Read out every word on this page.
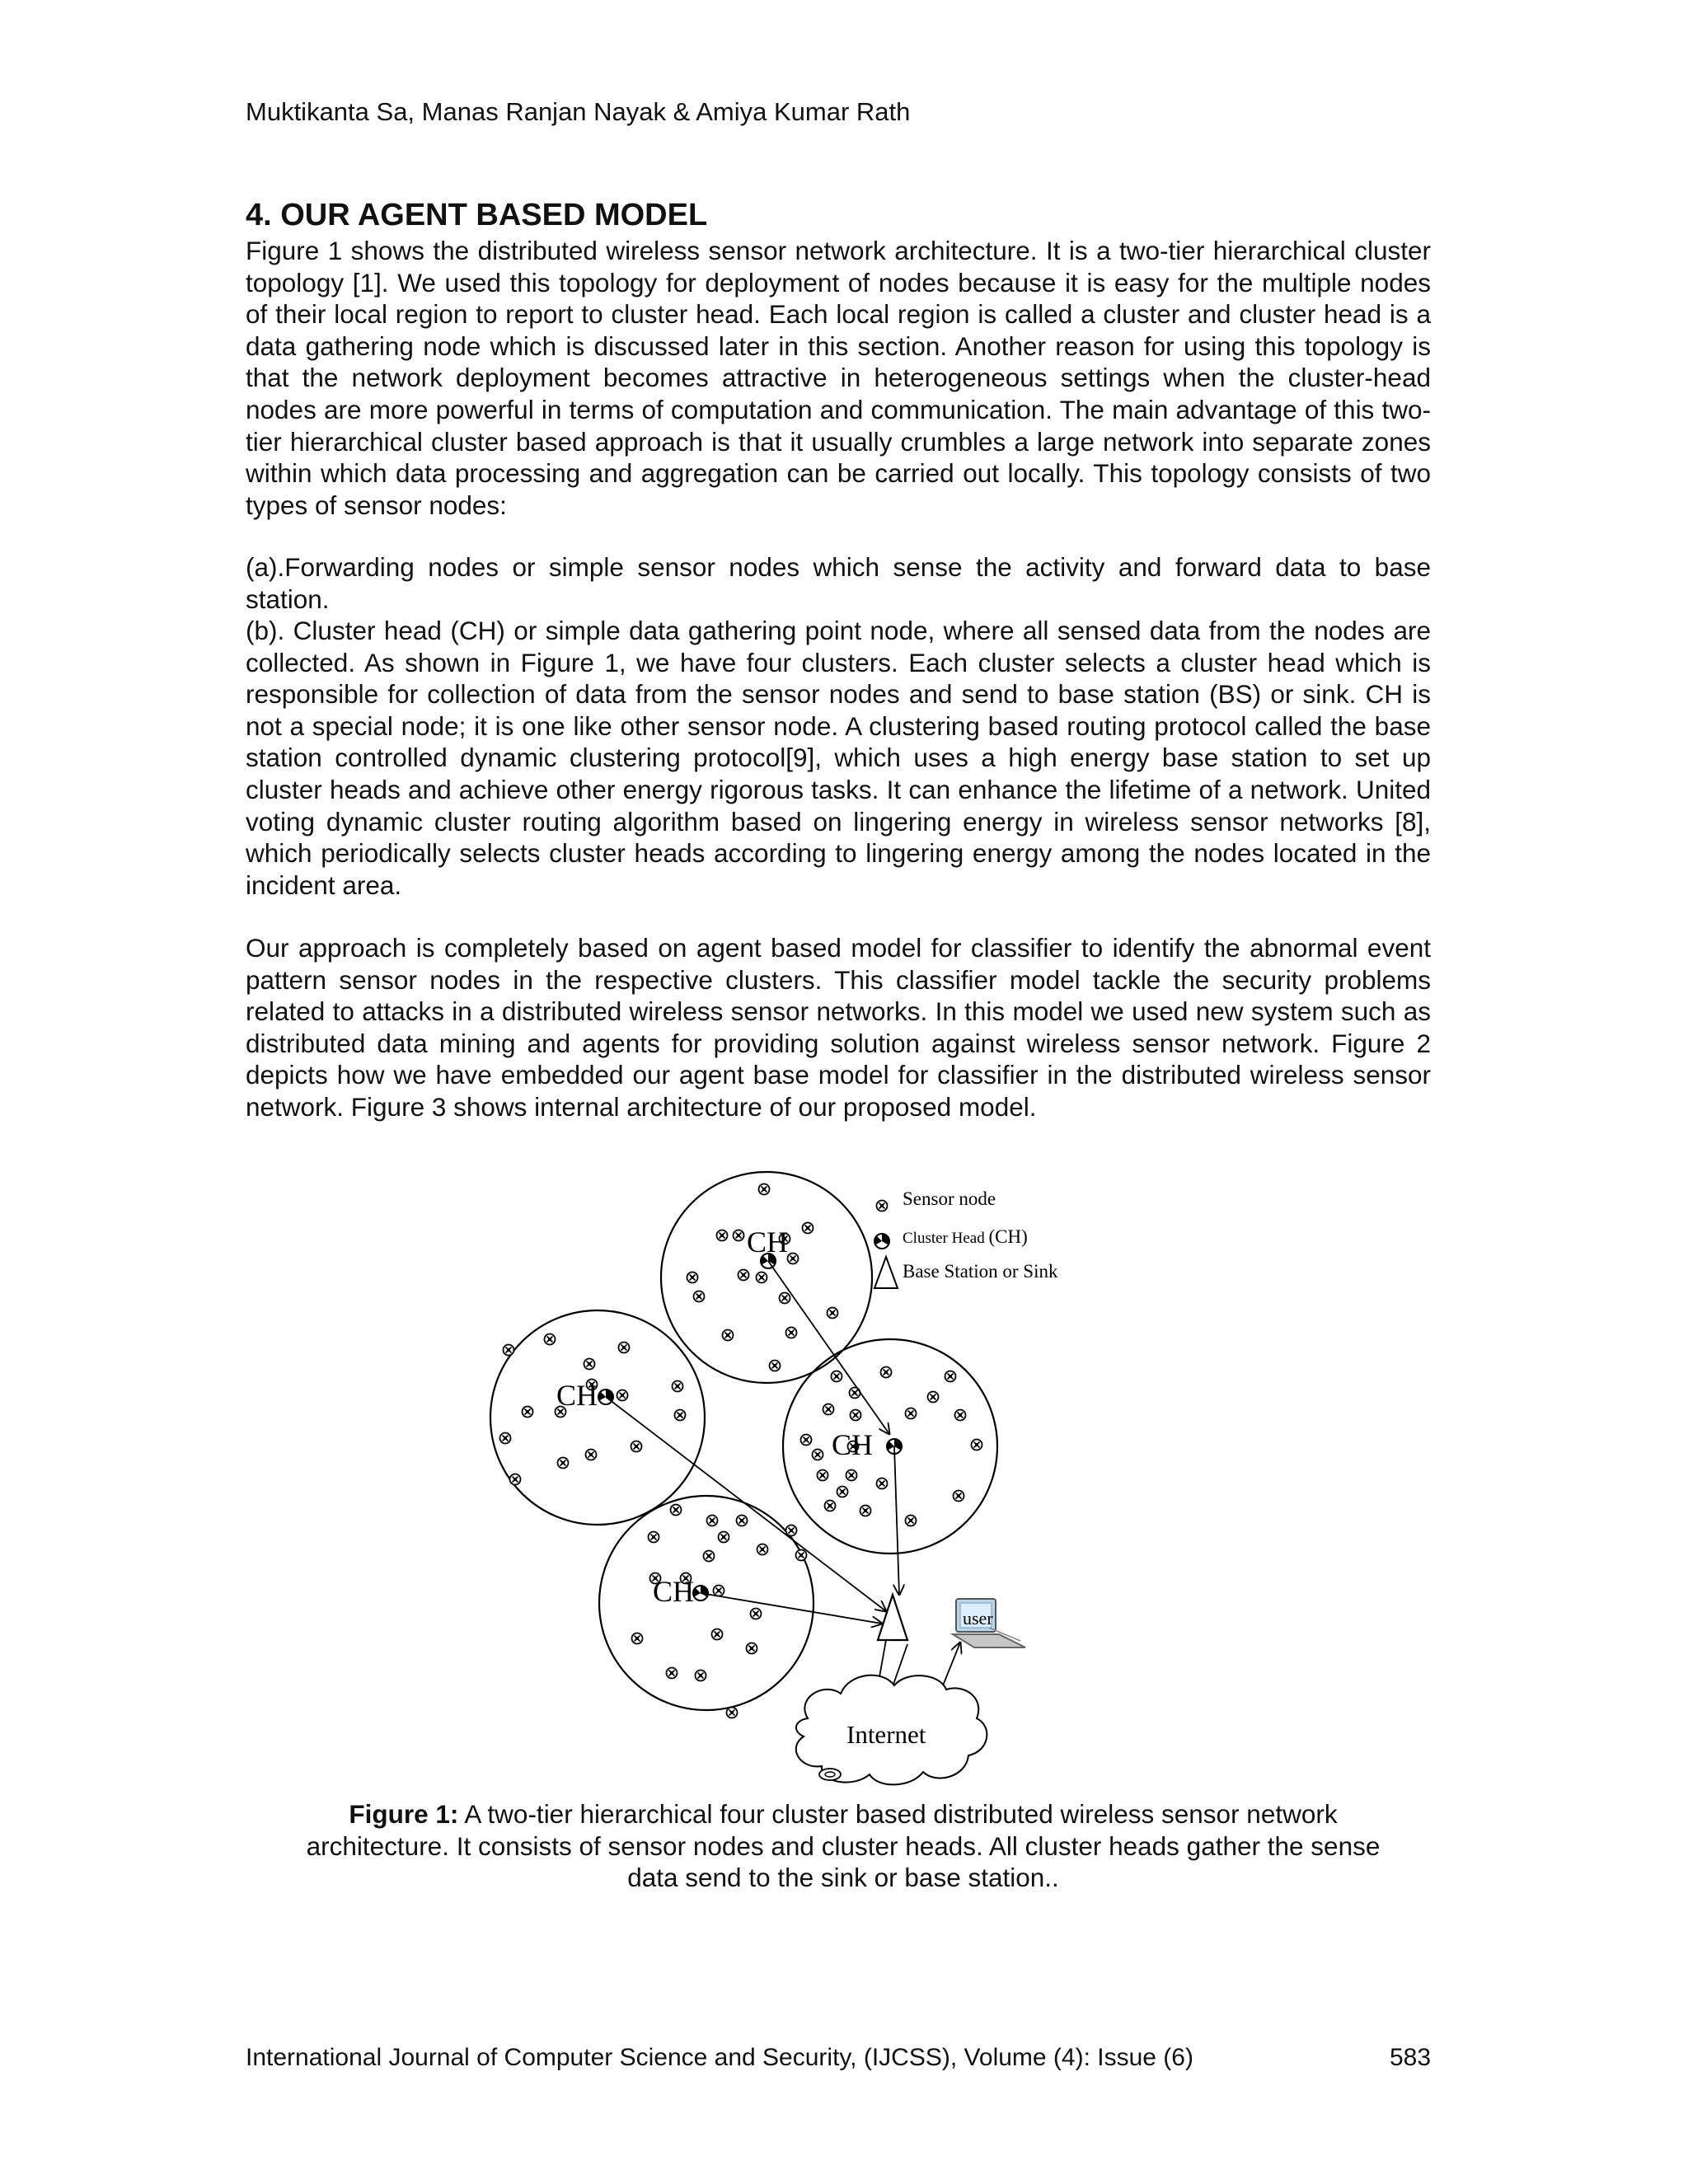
Muktikanta Sa, Manas Ranjan Nayak & Amiya Kumar Rath
4. OUR AGENT BASED MODEL

Figure 1 shows the distributed wireless sensor network architecture. It is a two-tier hierarchical cluster topology [1]. We used this topology for deployment of nodes because it is easy for the multiple nodes of their local region to report to cluster head. Each local region is called a cluster and cluster head is a data gathering node which is discussed later in this section. Another reason for using this topology is that the network deployment becomes attractive in heterogeneous settings when the cluster-head nodes are more powerful in terms of computation and communication. The main advantage of this two-tier hierarchical cluster based approach is that it usually crumbles a large network into separate zones within which data processing and aggregation can be carried out locally. This topology consists of two types of sensor nodes:

(a).Forwarding nodes or simple sensor nodes which sense the activity and forward data to base station.

(b). Cluster head (CH) or simple data gathering point node, where all sensed data from the nodes are collected. As shown in Figure 1, we have four clusters. Each cluster selects a cluster head which is responsible for collection of data from the sensor nodes and send to base station (BS) or sink. CH is not a special node; it is one like other sensor node. A clustering based routing protocol called the base station controlled dynamic clustering protocol[9], which uses a high energy base station to set up cluster heads and achieve other energy rigorous tasks. It can enhance the lifetime of a network. United voting dynamic cluster routing algorithm based on lingering energy in wireless sensor networks [8], which periodically selects cluster heads according to lingering energy among the nodes located in the incident area.

Our approach is completely based on agent based model for classifier to identify the abnormal event pattern sensor nodes in the respective clusters. This classifier model tackle the security problems related to attacks in a distributed wireless sensor networks. In this model we used new system such as distributed data mining and agents for providing solution against wireless sensor network. Figure 2 depicts how we have embedded our agent base model for classifier in the distributed wireless sensor network. Figure 3 shows internal architecture of our proposed model.

CH
CH
CH
CH
Internet
user
Sensor node
Cluster Head (CH)
Base Station or Sink

Figure 1: A two-tier hierarchical four cluster based distributed wireless sensor network architecture. It consists of sensor nodes and cluster heads. All cluster heads gather the sense data send to the sink or base station..

International Journal of Computer Science and Security, (IJCSS), Volume (4): Issue (6)	583
